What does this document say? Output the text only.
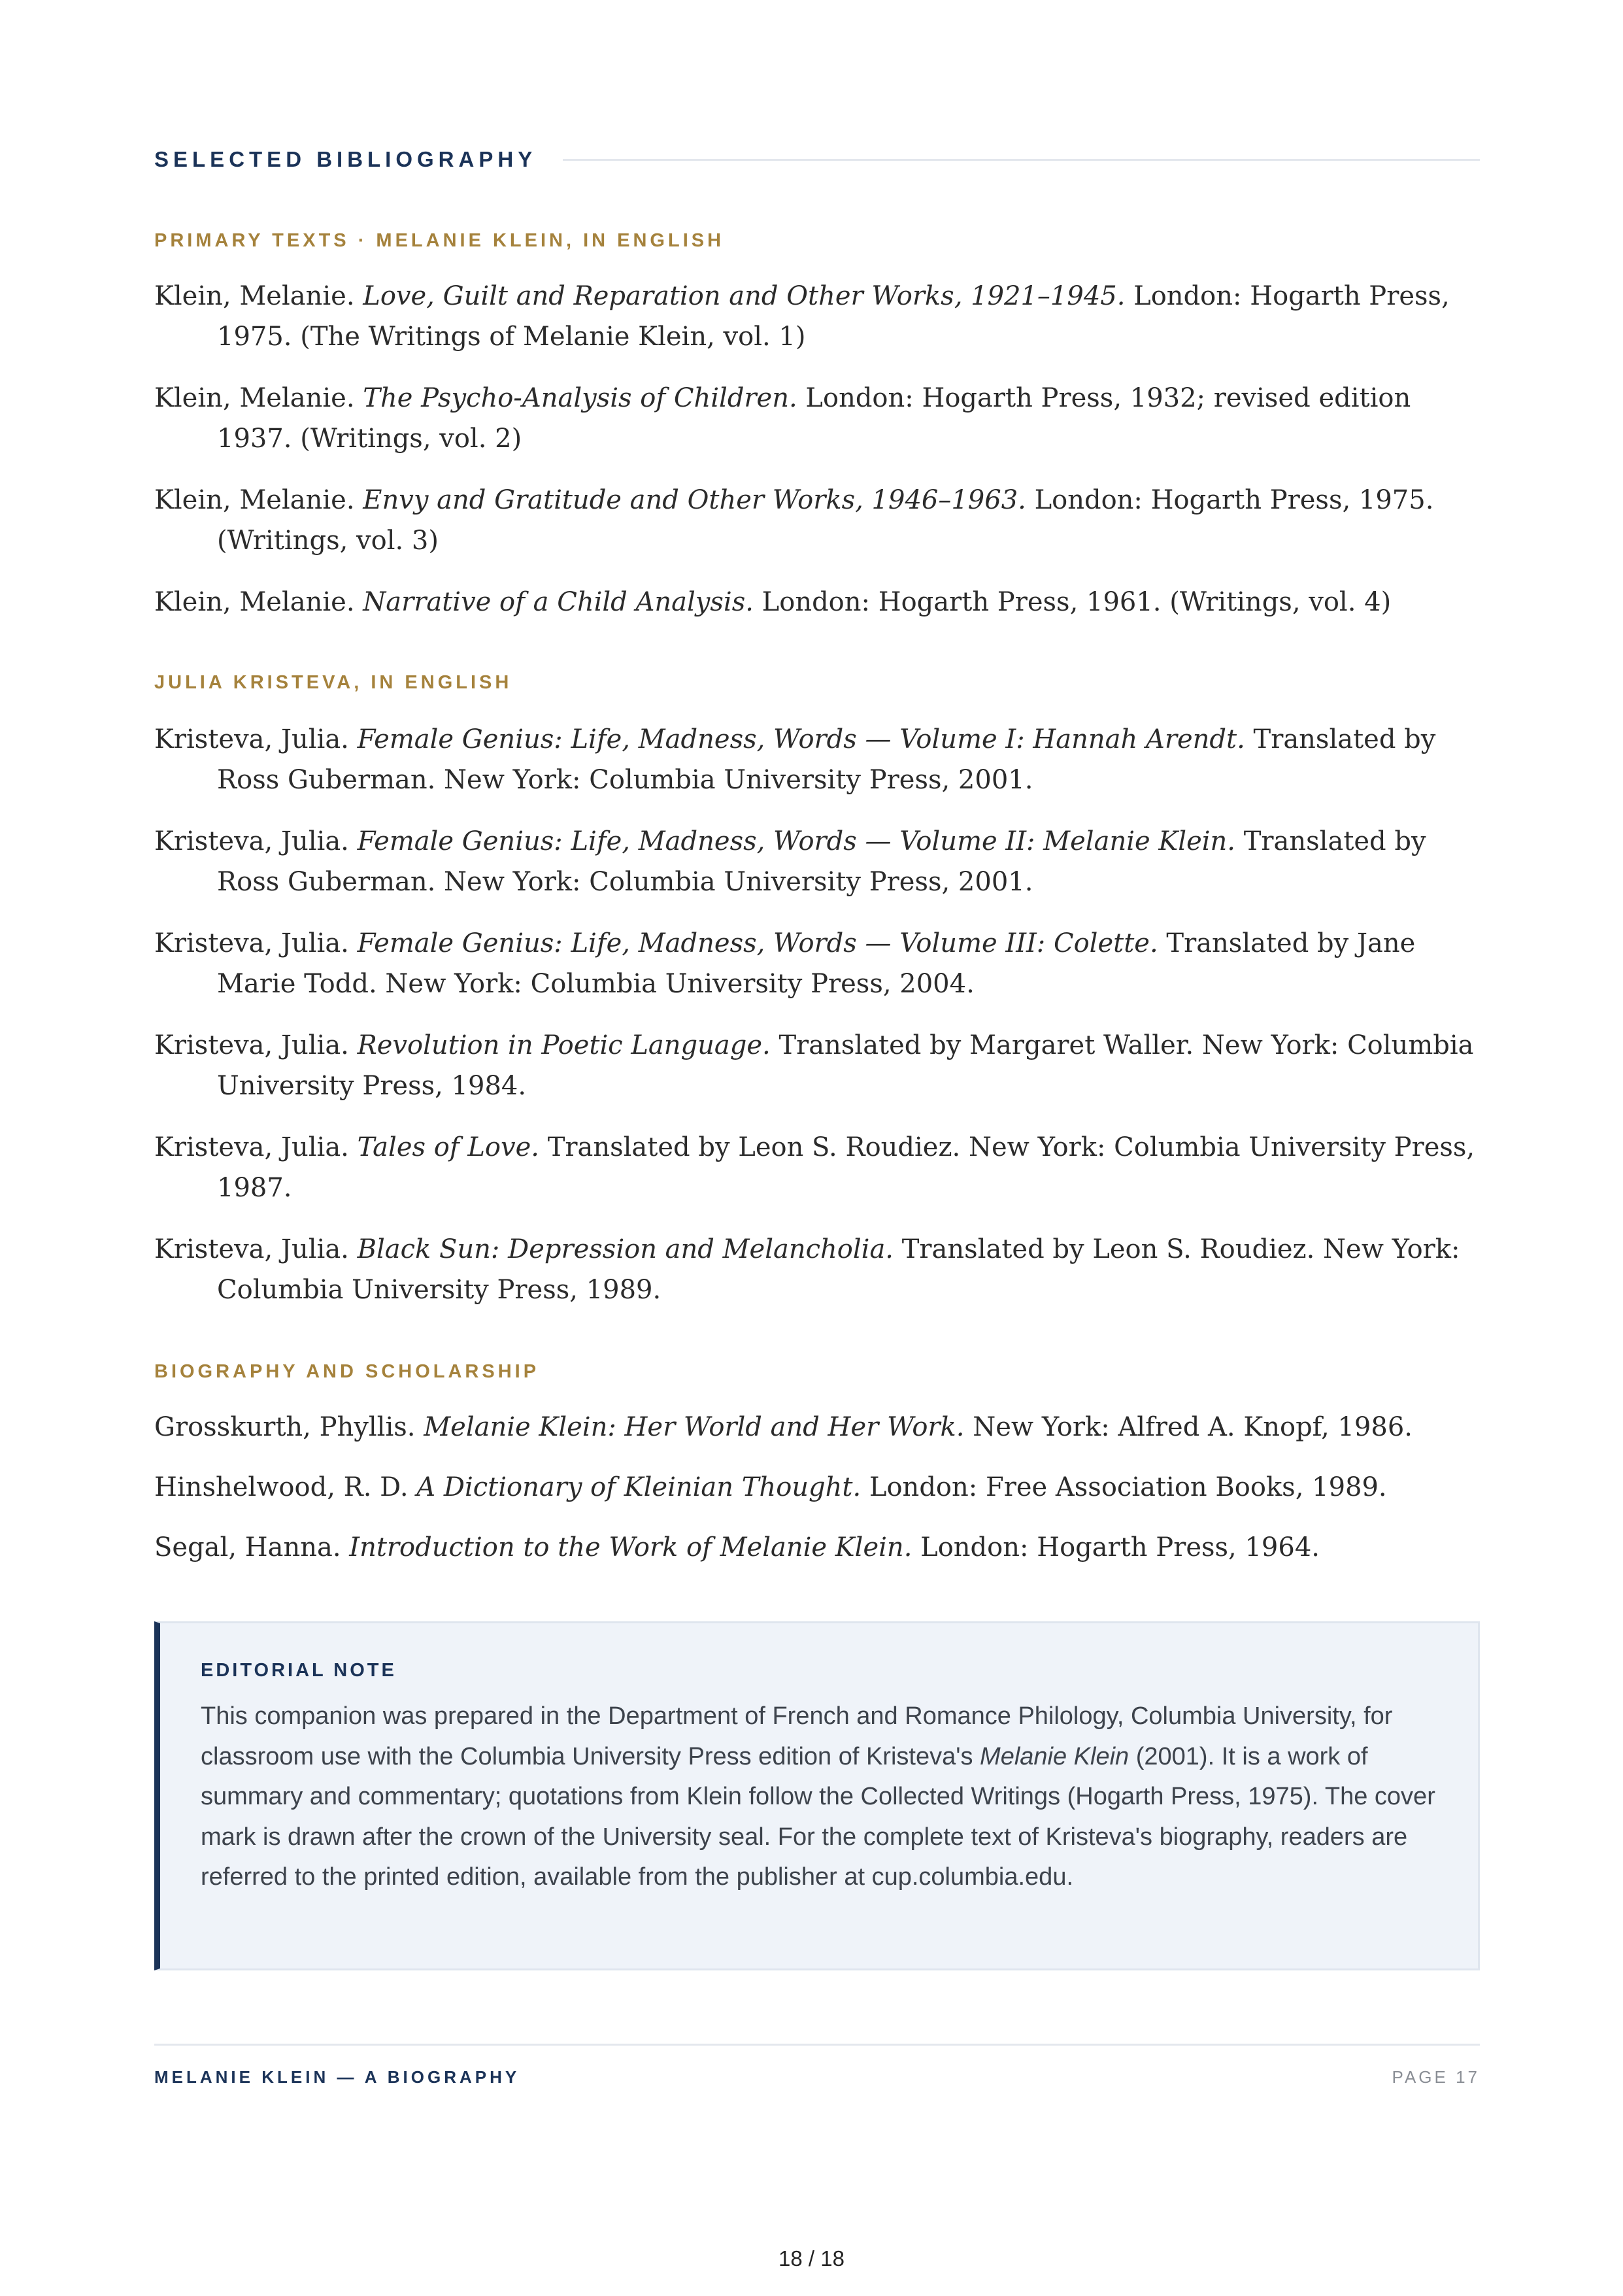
SELECTED BIBLIOGRAPHY
PRIMARY TEXTS · MELANIE KLEIN, IN ENGLISH
Klein, Melanie. Love, Guilt and Reparation and Other Works, 1921–1945. London: Hogarth Press, 1975. (The Writings of Melanie Klein, vol. 1)
Klein, Melanie. The Psycho-Analysis of Children. London: Hogarth Press, 1932; revised edition 1937. (Writings, vol. 2)
Klein, Melanie. Envy and Gratitude and Other Works, 1946–1963. London: Hogarth Press, 1975. (Writings, vol. 3)
Klein, Melanie. Narrative of a Child Analysis. London: Hogarth Press, 1961. (Writings, vol. 4)
JULIA KRISTEVA, IN ENGLISH
Kristeva, Julia. Female Genius: Life, Madness, Words — Volume I: Hannah Arendt. Translated by Ross Guberman. New York: Columbia University Press, 2001.
Kristeva, Julia. Female Genius: Life, Madness, Words — Volume II: Melanie Klein. Translated by Ross Guberman. New York: Columbia University Press, 2001.
Kristeva, Julia. Female Genius: Life, Madness, Words — Volume III: Colette. Translated by Jane Marie Todd. New York: Columbia University Press, 2004.
Kristeva, Julia. Revolution in Poetic Language. Translated by Margaret Waller. New York: Columbia University Press, 1984.
Kristeva, Julia. Tales of Love. Translated by Leon S. Roudiez. New York: Columbia University Press, 1987.
Kristeva, Julia. Black Sun: Depression and Melancholia. Translated by Leon S. Roudiez. New York: Columbia University Press, 1989.
BIOGRAPHY AND SCHOLARSHIP
Grosskurth, Phyllis. Melanie Klein: Her World and Her Work. New York: Alfred A. Knopf, 1986.
Hinshelwood, R. D. A Dictionary of Kleinian Thought. London: Free Association Books, 1989.
Segal, Hanna. Introduction to the Work of Melanie Klein. London: Hogarth Press, 1964.
EDITORIAL NOTE
This companion was prepared in the Department of French and Romance Philology, Columbia University, for classroom use with the Columbia University Press edition of Kristeva's Melanie Klein (2001). It is a work of summary and commentary; quotations from Klein follow the Collected Writings (Hogarth Press, 1975). The cover mark is drawn after the crown of the University seal. For the complete text of Kristeva's biography, readers are referred to the printed edition, available from the publisher at cup.columbia.edu.
MELANIE KLEIN — A BIOGRAPHY	PAGE 17
18 / 18
